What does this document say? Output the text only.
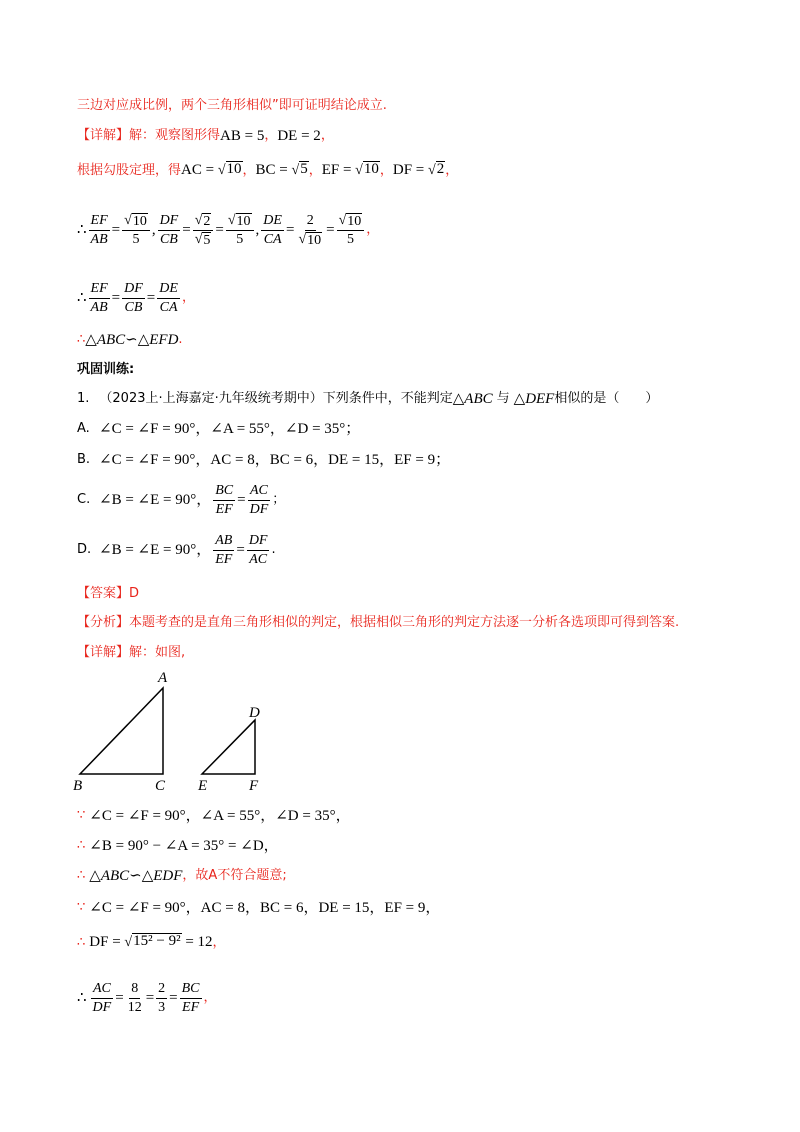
三边对应成比例，两个三角形相似”即可证明结论成立.
【详解】 解：观察图形得 AB = 5 ， DE = 2 ，
根据勾股定理，得 AC = √ 10 ， BC = √ 5 ， EF = √ 10 ， DF = √ 2 ，
∴ $\frac{EF}{AB} = \frac{√ 10}{5}$ , $\frac{DF}{CB} = \frac{√ 2}{√ 5} = \frac{√ 10}{5}$ , $\frac{DE}{CA} = \frac{2}{√ 10} = \frac{√ 10}{5}$ ，
∴ $\frac{EF}{AB} = \frac{DF}{CB} = \frac{DE}{CA}$ ，
∴ △ABC∽△EFD .
巩固训练:
1. （2023上·上海嘉定·九年级统考期中）下列条件中，不能判定 △ABC 与 △DEF 相似的是（　　）
A. ∠C = ∠F = 90°，∠A = 55°，∠D = 35°；
B. ∠C = ∠F = 90°，AC = 8，BC = 6，DE = 15，EF = 9；
C. ∠B = ∠E = 90°， $\frac{BC}{EF} = \frac{AC}{DF}$ ；
D. ∠B = ∠E = 90°， $\frac{AB}{EF} = \frac{DF}{AC}$ .
【答案】D
【分析】 本题考查的是直角三角形相似的判定，根据相似三角形的判定方法逐一分析各选项即可得到答案.
【详解】 解：如图,
A
B	C
D
E	F
∵ ∠C = ∠F = 90°，∠A = 55°，∠D = 35°，
∴ ∠B = 90° − ∠A = 35° = ∠D，
∴ △ABC∽△EDF ，故A不符合题意;
∵ ∠C = ∠F = 90°，AC = 8，BC = 6，DE = 15，EF = 9，
∴ DF = √ 15² − 9² = 12 ，
∴ $\frac{AC}{DF} = \frac{8}{12} = \frac{2}{3} = \frac{BC}{EF}$ ，
